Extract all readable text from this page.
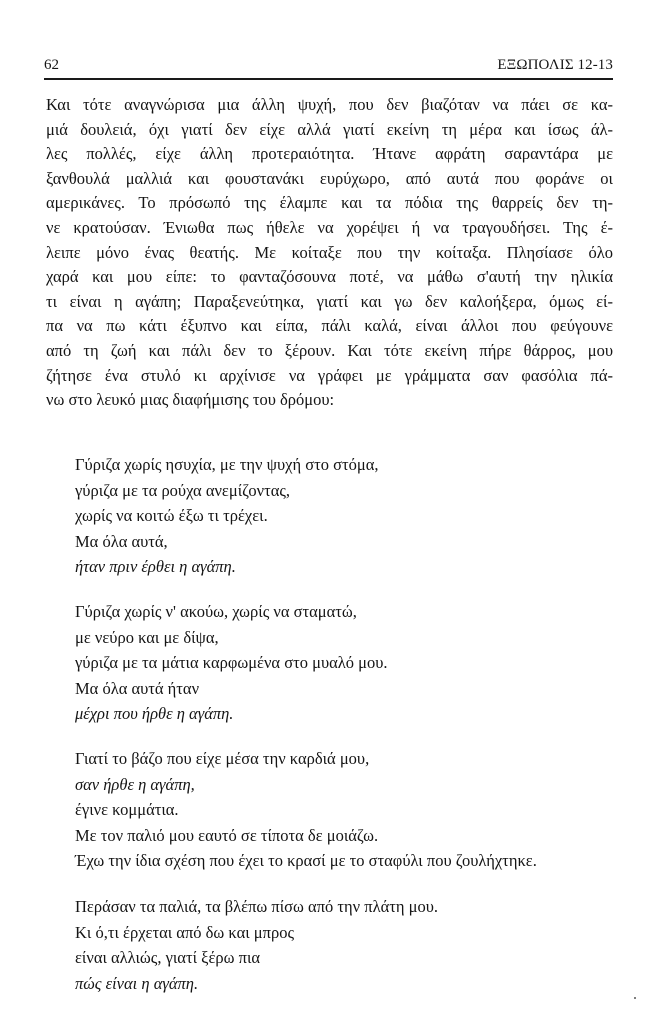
62	ΕΞΩΠΟΛΙΣ 12-13
Και τότε αναγνώρισα μια άλλη ψυχή, που δεν βιαζόταν να πάει σε κα-
μιά δουλειά, όχι γιατί δεν είχε αλλά γιατί εκείνη τη μέρα και ίσως άλ-
λες πολλές, είχε άλλη προτεραιότητα. Ήτανε αφράτη σαραντάρα με
ξανθουλά μαλλιά και φουστανάκι ευρύχωρο, από αυτά που φοράνε οι
αμερικάνες. Το πρόσωπό της έλαμπε και τα πόδια της θαρρείς δεν τη-
νε κρατούσαν. Ένιωθα πως ήθελε να χορέψει ή να τραγουδήσει. Της έ-
λειπε μόνο ένας θεατής. Με κοίταξε που την κοίταξα. Πλησίασε όλο
χαρά και μου είπε: το φανταζόσουνα ποτέ, να μάθω σ'αυτή την ηλικία
τι είναι η αγάπη; Παραξενεύτηκα, γιατί και γω δεν καλοήξερα, όμως εί-
πα να πω κάτι έξυπνο και είπα, πάλι καλά, είναι άλλοι που φεύγουνε
από τη ζωή και πάλι δεν το ξέρουν. Και τότε εκείνη πήρε θάρρος, μου
ζήτησε ένα στυλό κι αρχίνισε να γράφει με γράμματα σαν φασόλια πά-
νω στο λευκό μιας διαφήμισης του δρόμου:
Γύριζα χωρίς ησυχία, με την ψυχή στο στόμα,
γύριζα με τα ρούχα ανεμίζοντας,
χωρίς να κοιτώ έξω τι τρέχει.
Μα όλα αυτά,
ήταν πριν έρθει η αγάπη.
Γύριζα χωρίς ν' ακούω, χωρίς να σταματώ,
με νεύρο και με δίψα,
γύριζα με τα μάτια καρφωμένα στο μυαλό μου.
Μα όλα αυτά ήταν
μέχρι που ήρθε η αγάπη.
Γιατί το βάζο που είχε μέσα την καρδιά μου,
σαν ήρθε η αγάπη,
έγινε κομμάτια.
Με τον παλιό μου εαυτό σε τίποτα δε μοιάζω.
Έχω την ίδια σχέση που έχει το κρασί με το σταφύλι που ζουλήχτηκε.
Περάσαν τα παλιά, τα βλέπω πίσω από την πλάτη μου.
Κι ό,τι έρχεται από δω και μπρος
είναι αλλιώς, γιατί ξέρω πια
πώς είναι η αγάπη.
